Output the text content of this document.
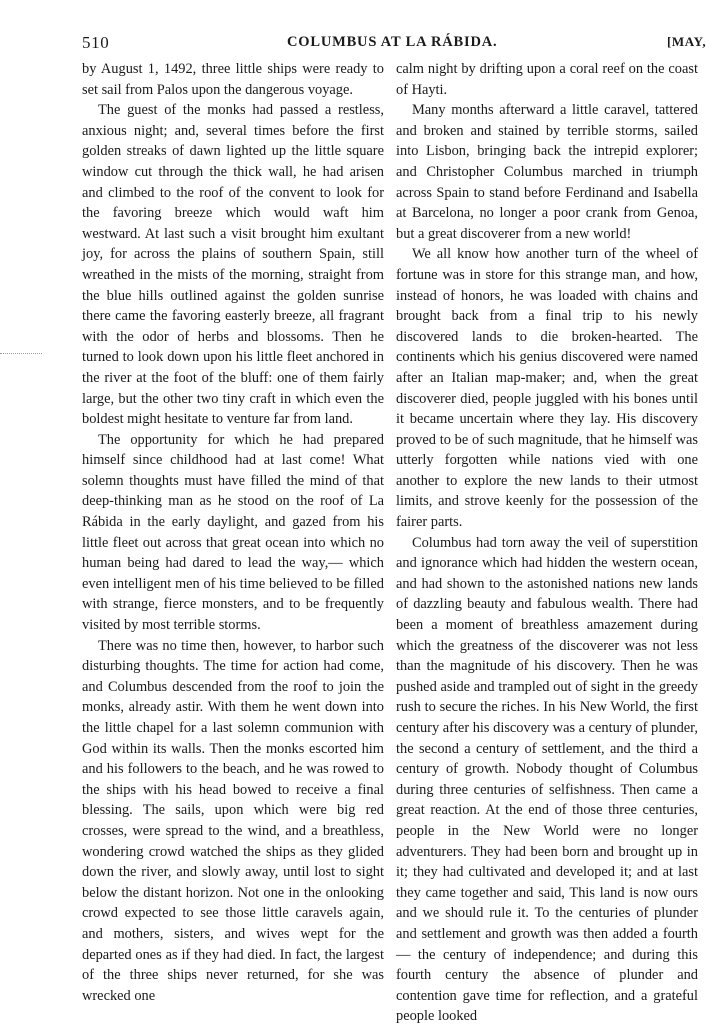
510	COLUMBUS AT LA RÁBIDA.	[MAY,

by August 1, 1492, three little ships were ready to set sail from Palos upon the dangerous voyage.

The guest of the monks had passed a restless, anxious night; and, several times before the first golden streaks of dawn lighted up the little square window cut through the thick wall, he had arisen and climbed to the roof of the convent to look for the favoring breeze which would waft him westward. At last such a visit brought him exultant joy, for across the plains of southern Spain, still wreathed in the mists of the morning, straight from the blue hills outlined against the golden sunrise there came the favoring easterly breeze, all fragrant with the odor of herbs and blossoms. Then he turned to look down upon his little fleet anchored in the river at the foot of the bluff: one of them fairly large, but the other two tiny craft in which even the boldest might hesitate to venture far from land.

The opportunity for which he had prepared himself since childhood had at last come! What solemn thoughts must have filled the mind of that deep-thinking man as he stood on the roof of La Rábida in the early daylight, and gazed from his little fleet out across that great ocean into which no human being had dared to lead the way,— which even intelligent men of his time believed to be filled with strange, fierce monsters, and to be frequently visited by most terrible storms.

There was no time then, however, to harbor such disturbing thoughts. The time for action had come, and Columbus descended from the roof to join the monks, already astir. With them he went down into the little chapel for a last solemn communion with God within its walls. Then the monks escorted him and his followers to the beach, and he was rowed to the ships with his head bowed to receive a final blessing. The sails, upon which were big red crosses, were spread to the wind, and a breathless, wondering crowd watched the ships as they glided down the river, and slowly away, until lost to sight below the distant horizon. Not one in the onlooking crowd expected to see those little caravels again, and mothers, sisters, and wives wept for the departed ones as if they had died. In fact, the largest of the three ships never returned, for she was wrecked one

calm night by drifting upon a coral reef on the coast of Hayti.

Many months afterward a little caravel, tattered and broken and stained by terrible storms, sailed into Lisbon, bringing back the intrepid explorer; and Christopher Columbus marched in triumph across Spain to stand before Ferdinand and Isabella at Barcelona, no longer a poor crank from Genoa, but a great discoverer from a new world!

We all know how another turn of the wheel of fortune was in store for this strange man, and how, instead of honors, he was loaded with chains and brought back from a final trip to his newly discovered lands to die broken-hearted. The continents which his genius discovered were named after an Italian map-maker; and, when the great discoverer died, people juggled with his bones until it became uncertain where they lay. His discovery proved to be of such magnitude, that he himself was utterly forgotten while nations vied with one another to explore the new lands to their utmost limits, and strove keenly for the possession of the fairer parts.

Columbus had torn away the veil of superstition and ignorance which had hidden the western ocean, and had shown to the astonished nations new lands of dazzling beauty and fabulous wealth. There had been a moment of breathless amazement during which the greatness of the discoverer was not less than the magnitude of his discovery. Then he was pushed aside and trampled out of sight in the greedy rush to secure the riches. In his New World, the first century after his discovery was a century of plunder, the second a century of settlement, and the third a century of growth. Nobody thought of Columbus during three centuries of selfishness. Then came a great reaction. At the end of those three centuries, people in the New World were no longer adventurers. They had been born and brought up in it; they had cultivated and developed it; and at last they came together and said, This land is now ours and we should rule it. To the centuries of plunder and settlement and growth was then added a fourth — the century of independence; and during this fourth century the absence of plunder and contention gave time for reflection, and a grateful people looked
